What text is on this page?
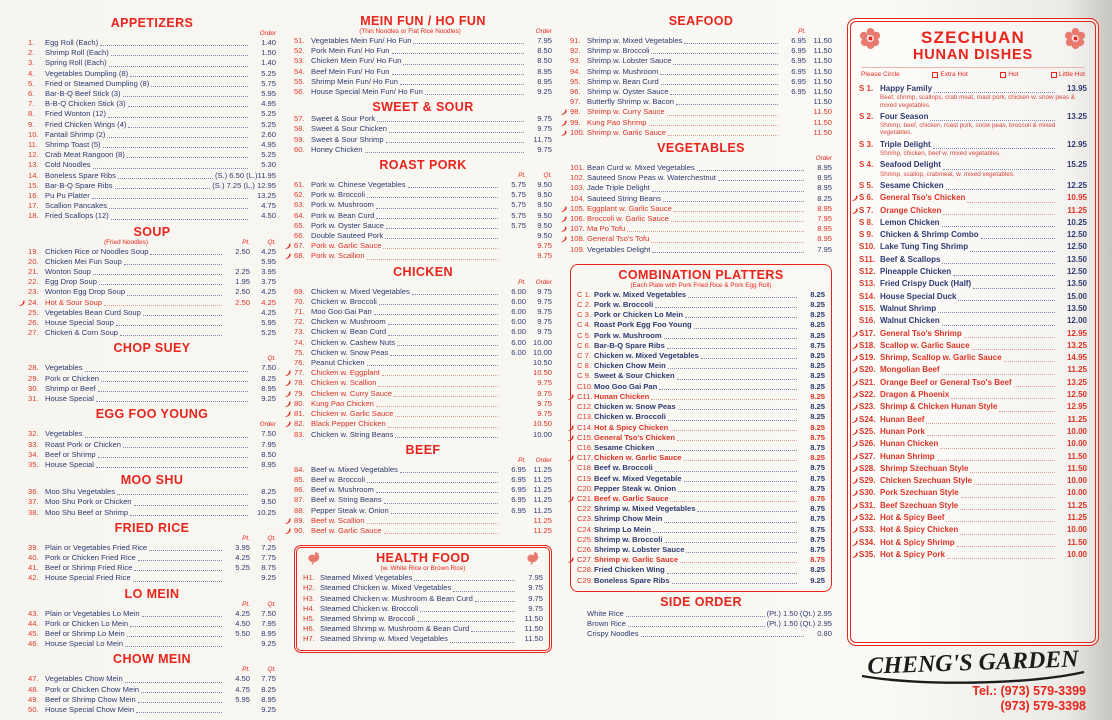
APPETIZERS
Order
1.	Egg Roll (Each)	1.40
2.	Shrimp Roll (Each)	1.50
3.	Spring Roll (Each)	1.40
4.	Vegetables Dumpling (8)	5.25
5.	Fried or Steamed Dumpling (8)	5.75
6.	Bar-B-Q Beef Stick (3)	5.95
7.	B-B-Q Chicken Stick (3)	4.95
8.	Fried Wonton (12)	5.25
9.	Fried Chicken Wings (4)	5.25
10. Fantail Shrimp (2)	2.60
11. Shrimp Toast (5)	4.95
12. Crab Meat Rangoon (8)	5.25
13. Cold Noodles	5.30
14. Boneless Spare Ribs	(S.) 6.50 (L.)11.95
15. Bar-B-Q Spare Ribs	(S.) 7.25 (L.) 12.95
16. Pu Pu Platter	13.25
17. Scallion Pancakes	4.75
18. Fried Scallops (12)	4.50
SOUP
(Fried Noodles)	Pt.	Qt.
19. Chicken Rice or Noodles Soup	2.50	4.25
20. Chicken Mei Fun Soup	5.95
21. Wonton Soup	2.25	3.95
22. Egg Drop Soup	1.95	3.75
23. Wonton Egg Drop Soup	2.50	4.25
24. Hot & Sour Soup	2.50	4.25
25. Vegetables Bean Curd Soup	4.25
26. House Special Soup	5.95
27. Chicken & Corn Soup	5.25
CHOP SUEY
Qt.
28. Vegetables	7.50
29. Pork or Chicken	8.25
30. Shrimp or Beef	8.95
31. House Special	9.25
EGG FOO YOUNG
Order
32. Vegetables	7.50
33. Roast Pork or Chicken	7.95
34. Beef or Shrimp	8.50
35. House Special	8.95
MOO SHU
36. Moo Shu Vegetables	8.25
37. Moo Shu Pork or Chicken	9.50
38. Moo Shu Beef or Shrimp	10.25
FRIED RICE
Pt.	Qt.
39. Plain or Vegetables Fried Rice	3.95	7.25
40. Pork or Chicken Fried Rice	4.25	7.75
41. Beef or Shrimp Fried Rice	5.25	8.75
42. House Special Fried Rice	9.25
LO MEIN
Pt.	Qt.
43. Plain or Vegetables Lo Mein	4.25	7.50
44. Pork or Chicken Lo Mein	4.50	7.95
45. Beef or Shrimp Lo Mein	5.50	8.95
46. House Special Lo Mein	9.25
CHOW MEIN
Pt.	Qt.
47. Vegetables Chow Mein	4.50	7.75
48. Pork or Chicken Chow Mein	4.75	8.25
49. Beef or Shrimp Chow Mein	5.95	8.95
50. House Special Chow Mein	9.25
MEIN FUN / HO FUN
(Thin Noodles or Flat Rice Noodles)	Order
51. Vegetables Mein Fun/ Ho Fun	7.95
52. Pork Mein Fun/ Ho Fun	8.50
53. Chicken Mein Fun/ Ho Fun	8.50
54. Beef Mein Fun/ Ho Fun	8.95
55. Shrimp Mein Fun/ Ho Fun	8.95
56. House Special Mein Fun/ Ho Fun	9.25
SWEET & SOUR
57. Sweet & Sour Pork	9.75
58. Sweet & Sour Chicken	9.75
59. Sweet & Sour Shrimp	11.75
60. Honey Chicken	9.75
ROAST PORK
Pt.	Qt.
61. Pork w. Chinese Vegetables	5.75	9.50
62. Pork w. Broccoli	5.75	9.50
63. Pork w. Mushroom	5.75	9.50
64. Pork w. Bean Curd	5.75	9.50
65. Pork w. Oyster Sauce	5.75	9.50
66. Double Sauteed Pork	9.50
67. Pork w. Garlic Sauce	9.75
68. Pork w. Scallion	9.75
CHICKEN
Pt.	Order
69. Chicken w. Mixed Vegetables	6.00	9.75
70. Chicken w. Broccoli	6.00	9.75
71. Moo Goo Gai Pan	6.00	9.75
72. Chicken w. Mushroom	6.00	9.75
73. Chicken w. Bean Curd	6.00	9.75
74. Chicken w. Cashew Nuts	6.00 10.00
75. Chicken w. Snow Peas	6.00 10.00
76. Peanut Chicken	10.50
77. Chicken w. Eggplant	10.50
78. Chicken w. Scallion	9.75
79. Chicken w. Curry Sauce	9.75
80. Kung Pao Chicken	9.75
81. Chicken w. Garlic Sauce	9.75
82. Black Pepper Chicken	10.50
83. Chicken w. String Beans	10.00
BEEF
Pt.	Order
84. Beef w. Mixed Vegetables	6.95 11.25
85. Beef w. Broccoli	6.95 11.25
86. Beef w. Mushroom	6.95 11.25
87. Beef w. String Beans	6.95 11.25
88. Pepper Steak w. Onion	6.95 11.25
89. Beef w. Scallion	11.25
90. Beef w. Garlic Sauce	11.25
HEALTH FOOD
(w. White Rice or Brown Rice)
H1. Steamed Mixed Vegetables	7.95
H2. Steamed Chicken w. Mixed Vegetables	9.75
H3. Steamed Chicken w. Mushroom & Bean Curd	9.75
H4. Steamed Chicken w. Broccoli	9.75
H5. Steamed Shrimp w. Broccoli	11.50
H6. Steamed Shrimp w. Mushroom & Bean Curd	11.50
H7. Steamed Shrimp w. Mixed Vegetables	11.50
SEAFOOD
Pt.
91. Shrimp w. Mixed Vegetables	6.95 11.50
92. Shrimp w. Broccoli	6.95 11.50
93. Shrimp w. Lobster Sauce	6.95 11.50
94. Shrimp w. Mushroom	6.95 11.50
95. Shrimp w. Bean Curd	6.95 11.50
96. Shrimp w. Oyster Sauce	6.95 11.50
97. Butterfly Shrimp w. Bacon	11.50
98. Shrimp w. Curry Sauce	11.50
99. Kung Pao Shrimp	11.50
100. Shrimp w. Garlic Sauce	11.50
VEGETABLES
Order
101. Bean Curd w. Mixed Vegetables	8.95
102. Sauteed Snow Peas w. Waterchestnut	8.95
103. Jade Triple Delight	8.95
104. Sauteed String Beans	8.25
105. Eggplant w. Garlic Sauce	8.95
106. Broccoli w. Garlic Sauce	7.95
107. Ma Po Tofu	8.95
108. General Tso's Tofu	8.95
109. Vegetables Delight	7.95
COMBINATION PLATTERS
(Each Plate with Pork Fried Rice & Pork Egg Roll)
C 1. Pork w. Mixed Vegetables	8.25
C 2. Pork w. Broccoli	8.25
C 3. Pork or Chicken Lo Mein	8.25
C 4. Roast Pork Egg Foo Young	8.25
C 5. Pork w. Mushroom	8.25
C 6. Bar-B-Q Spare Ribs	8.75
C 7. Chicken w. Mixed Vegetables	8.25
C 8. Chicken Chow Mein	8.25
C 9. Sweet & Sour Chicken	8.25
C10. Moo Goo Gai Pan	8.25
C11. Hunan Chicken	8.25
C12. Chicken w. Snow Peas	8.25
C13. Chicken w. Broccoli	8.25
C14. Hot & Spicy Chicken	8.25
C15. General Tso's Chicken	8.75
C16. Sesame Chicken	8.75
C17. Chicken w. Garlic Sauce	8.25
C18. Beef w. Broccoli	8.75
C19. Beef w. Mixed Vegetable	8.75
C20. Pepper Steak w. Onion	8.75
C21. Beef w. Garlic Sauce	8.75
C22. Shrimp w. Mixed Vegetables	8.75
C23. Shrimp Chow Mein	8.75
C24. Shrimp Lo Mein	8.75
C25. Shrimp w. Broccoli	8.75
C26. Shrimp w. Lobster Sauce	8.75
C27. Shrimp w. Garlic Sauce	8.75
C28. Fried Chicken Wing	8.25
C29. Boneless Spare Ribs	9.25
SIDE ORDER
White Rice	(Pt.) 1.50 (Qt.) 2.95
Brown Rice	(Pt.) 1.50 (Qt.) 2.95
Crispy Noodles	0.80
SZECHUAN
HUNAN DISHES
Please Circle	Extra Hot	Hot	Little Hot
S 1. Happy Family	13.95
Beef, shrimp, scallops, crab meat, roast pork, chicken w. snow peas & mixed vegetables.
S 2. Four Season	13.25
Shrimp, beef, chicken, roast pork, snow peas, broccoli & mixed vegetables.
S 3. Triple Delight	12.95
Shrimp, chicken, beef w. mixed vegetables.
S 4. Seafood Delight	15.25
Shrimp, scallop, crabmeat, w. mixed vegetables.
S 5. Sesame Chicken	12.25
S 6. General Tso's Chicken	10.95
S 7. Orange Chicken	11.25
S 8. Lemon Chicken	10.25
S 9. Chicken & Shrimp Combo	12.50
S10. Lake Tung Ting Shrimp	12.50
S11. Beef & Scallops	13.50
S12. Pineapple Chicken	12.50
S13. Fried Crispy Duck (Half)	13.50
S14. House Special Duck	15.00
S15. Walnut Shrimp	13.50
S16. Walnut Chicken	12.00
S17. General Tso's Shrimp	12.95
S18. Scallop w. Garlic Sauce	13.25
S19. Shrimp, Scallop w. Garlic Sauce	14.95
S20. Mongolian Beef	11.25
S21. Orange Beef or General Tso's Beef	13.25
S22. Dragon & Phoenix	12.50
S23. Shrimp & Chicken Hunan Style	12.95
S24. Hunan Beef	11.25
S25. Hunan Pork	10.00
S26. Hunan Chicken	10.00
S27. Hunan Shrimp	11.50
S28. Shrimp Szechuan Style	11.50
S29. Chicken Szechuan Style	10.00
S30. Pork Szechuan Style	10.00
S31. Beef Szechuan Style	11.25
S32. Hot & Spicy Beef	11.25
S33. Hot & Spicy Chicken	10.00
S34. Hot & Spicy Shrimp	11.50
S35. Hot & Spicy Pork	10.00
CHENG'S GARDEN
Tel.: (973) 579-3399
(973) 579-3398
